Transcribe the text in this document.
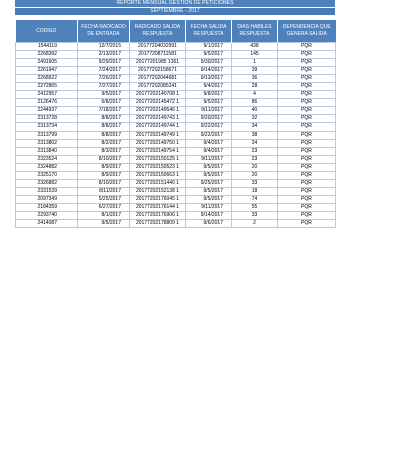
REPORTE MENSUAL GESTION DE PETICIONES
SEPTIEMBRE - 2017
CODIGO	FECHA RADICADO DE ENTRADA	RADICADO SALIDA RESPUESTA	FECHA SALIDA RESPUESTA	DIAS HABILES RESPUESTA	DEPENDENCIA QUE GENERA SALIDA
1544119	12/7/2015	20177204032991	9/1/2017	438	PQR
2268392	2/13/2017	20177208711581	9/5/2017	145	PQR
2491605	9/29/2017	20177201985 1361	9/30/2017	1	PQR
2261947	7/24/2017	20177202158671	9/14/2017	39	PQR
2268922	7/26/2017	20177202044681	9/13/2017	36	PQR
2272865	7/27/2017	20177202085241	9/4/2017	28	PQR
2412957	9/5/2017	20177202140708 1	9/8/2017	4	PQR
2126476	6/8/2017	20177202145472 1	9/5/2017	86	PQR
2244937	7/18/2017	20177202149546 1	9/11/2017	40	PQR
2313728	8/8/2017	20177202149743 1	9/20/2017	32	PQR
2313734	8/8/2017	20177202149744 1	9/22/2017	34	PQR
2313799	8/8/2017	20177202149749 1	9/22/2017	38	PQR
2313802	8/2/2017	20177202149750 1	9/4/2017	24	PQR
2313840	8/3/2017	20177202149754 1	9/4/2017	23	PQR
2323524	8/10/2017	20177202150125 1	9/11/2017	23	PQR
2324882	8/9/2017	20177202150523 1	9/5/2017	20	PQR
2325170	8/9/2017	20177202150663 1	9/5/2017	20	PQR
2326882	8/10/2017	20177202151440 1	9/25/2017	33	PQR
2331539	8/11/2017	20177202152138 1	9/5/2017	18	PQR
2097349	5/25/2017	20177202176045 1	9/5/2017	74	PQR
2184359	6/27/2017	20177202176144 1	9/11/2017	55	PQR
2293740	8/1/2017	20177202176906 1	9/14/2017	33	PQR
2414087	9/5/2017	20177202178809 1	9/6/2017	2	PQR
